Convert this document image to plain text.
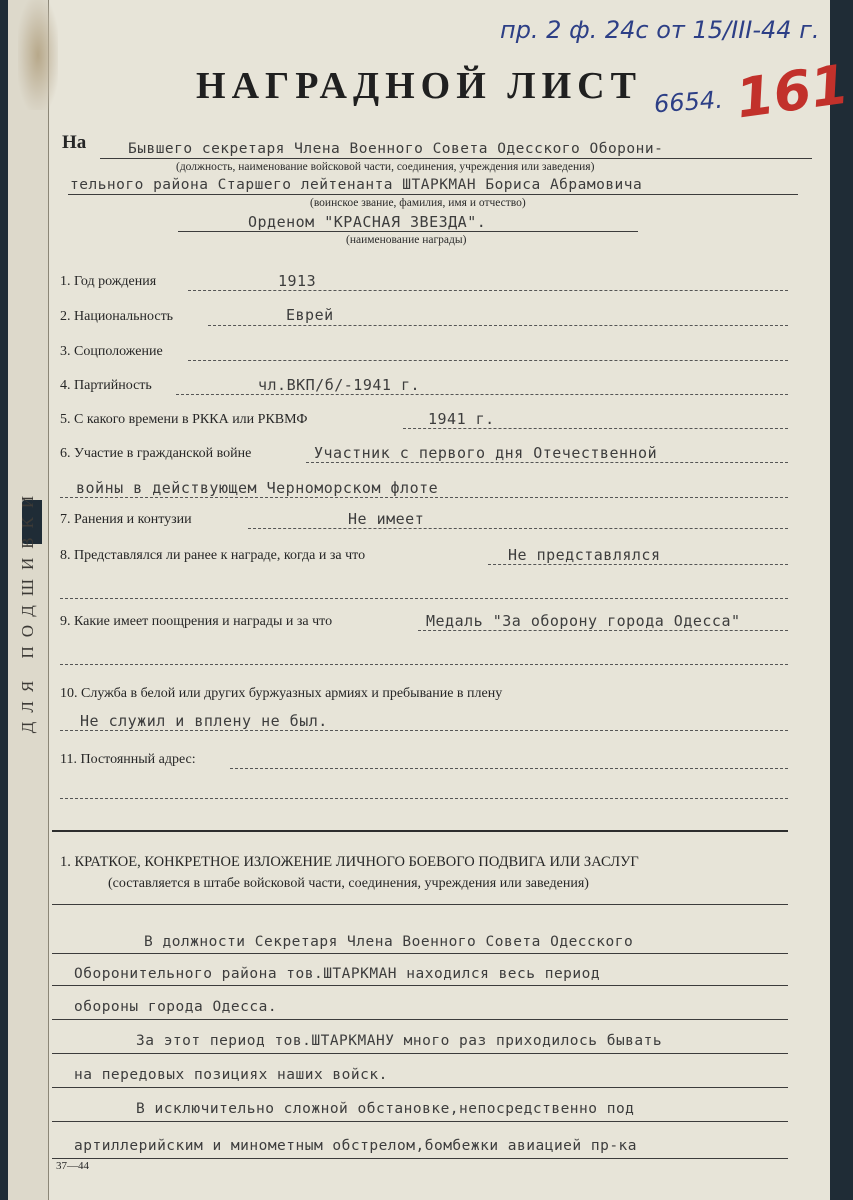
ДЛЯ ПОДШИВКИ
пр. 2 ф. 24с от 15/III-44 г.
6654. 161
НАГРАДНОЙ ЛИСТ
На	Бывшего секретаря Члена Военного Совета Одесского Оборони-
(должность, наименование войсковой части, соединения, учреждения или заведения)
тельного района Старшего лейтенанта ШТАРКМАН Бориса Абрамовича
(воинское звание, фамилия, имя и отчество)
Орденом "КРАСНАЯ ЗВЕЗДА".
(наименование награды)
1. Год рождения	1913
2. Национальность	Еврей
3. Соцположение
4. Партийность	чл.ВКП/б/-1941 г.
5. С какого времени в РККА или РКВМФ	1941 г.
6. Участие в гражданской войне	Участник с первого дня Отечественной
войны в действующем Черноморском флоте
7. Ранения и контузии	Не имеет
8. Представлялся ли ранее к награде, когда и за что	Не представлялся
9. Какие имеет поощрения и награды и за что	Медаль "За оборону города Одесса"
10. Служба в белой или других буржуазных армиях и пребывание в плену
Не служил и вплену не был.
11. Постоянный адрес:
1. КРАТКОЕ, КОНКРЕТНОЕ ИЗЛОЖЕНИЕ ЛИЧНОГО БОЕВОГО ПОДВИГА ИЛИ ЗАСЛУГ
(составляется в штабе войсковой части, соединения, учреждения или заведения)
В должности Секретаря Члена Военного Совета Одесского
Оборонительного района тов.ШТАРКМАН находился весь период
обороны города Одесса.
За этот период тов.ШТАРКМАНУ много раз приходилось бывать
на передовых позициях наших войск.
В исключительно сложной обстановке,непосредственно под
артиллерийским и минометным обстрелом,бомбежки авиацией пр-ка
37—44
